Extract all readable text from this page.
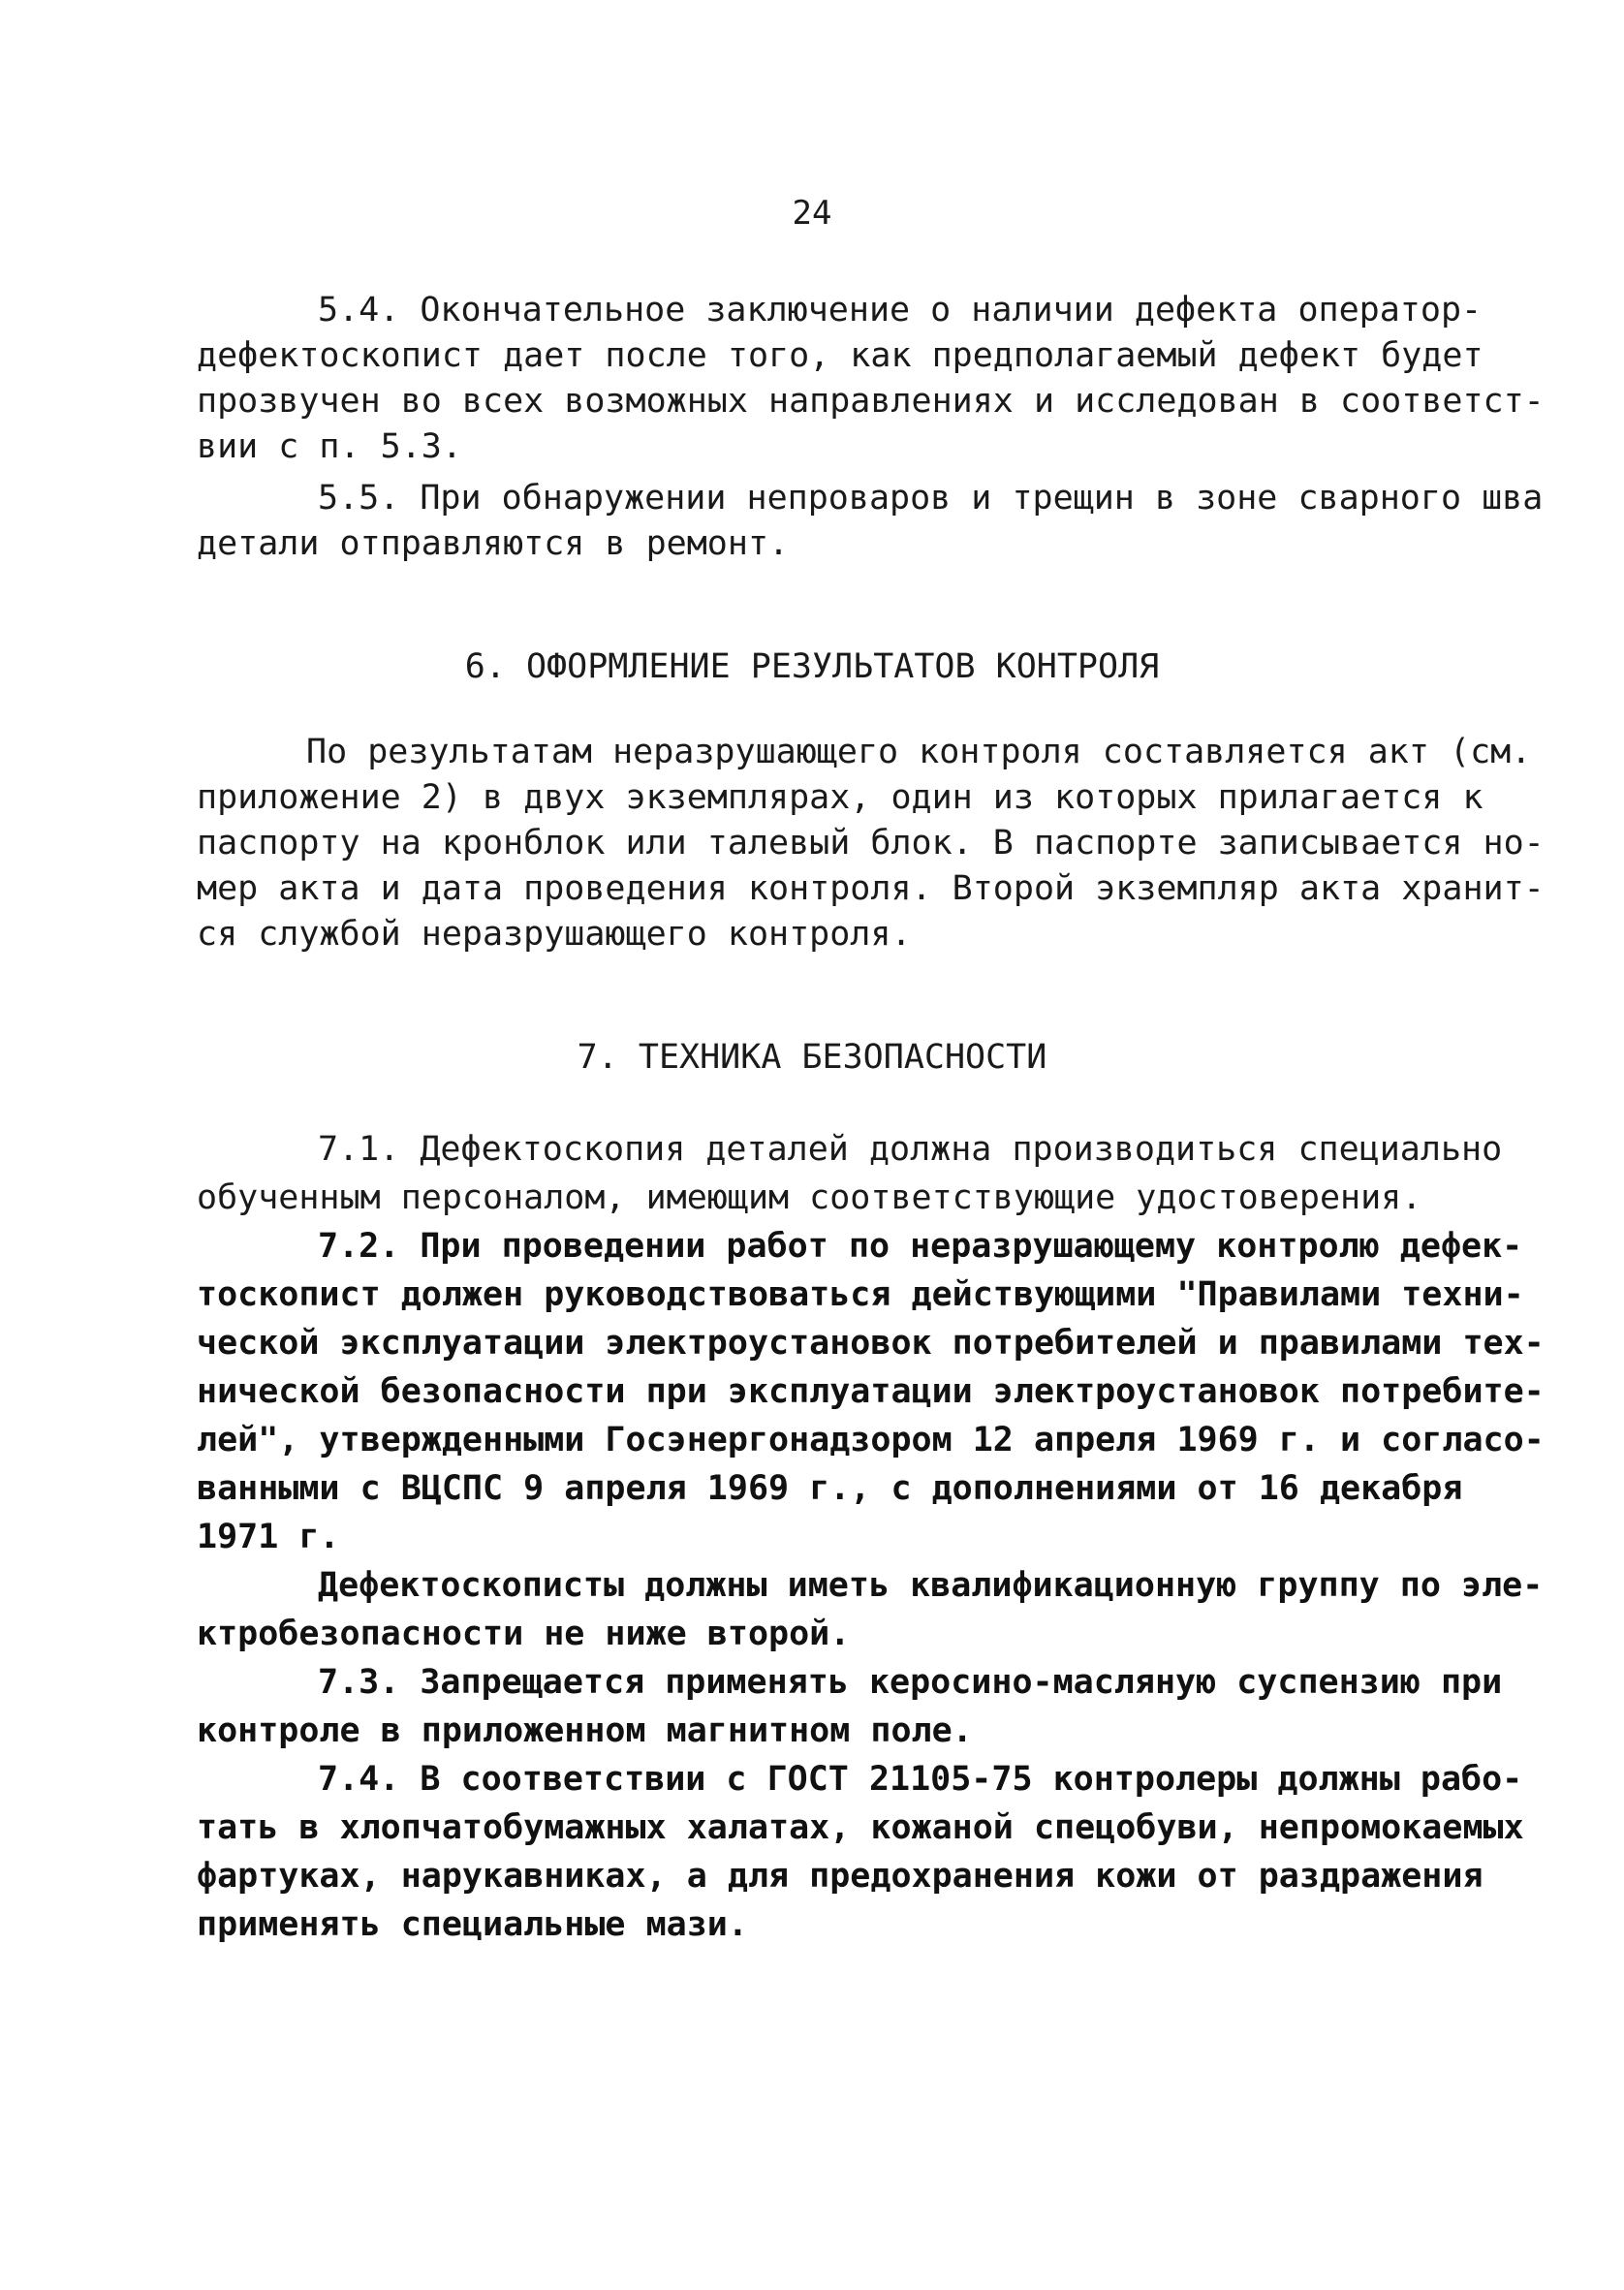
24
5.4. Окончательное заключение о наличии дефекта оператор-
дефектоскопист дает после того, как предполагаемый дефект будет
прозвучен во всех возможных направлениях и исследован в соответст-
вии с п. 5.3.
5.5. При обнаружении непроваров и трещин в зоне сварного шва
детали отправляются в ремонт.
6. ОФОРМЛЕНИЕ РЕЗУЛЬТАТОВ КОНТРОЛЯ
По результатам неразрушающего контроля составляется акт (см.
приложение 2) в двух экземплярах, один из которых прилагается к
паспорту на кронблок или талевый блок. В паспорте записывается но-
мер акта и дата проведения контроля. Второй экземпляр акта хранит-
ся службой неразрушающего контроля.
7. ТЕХНИКА БЕЗОПАСНОСТИ
7.1. Дефектоскопия деталей должна производиться специально
обученным персоналом, имеющим соответствующие удостоверения.
7.2. При проведении работ по неразрушающему контролю дефек-
тоскопист должен руководствоваться действующими "Правилами техни-
ческой эксплуатации электроустановок потребителей и правилами тех-
нической безопасности при эксплуатации электроустановок потребите-
лей", утвержденными Госэнергонадзором 12 апреля 1969 г. и согласо-
ванными с ВЦСПС 9 апреля 1969 г., с дополнениями от 16 декабря
1971 г.
Дефектоскописты должны иметь квалификационную группу по эле-
ктробезопасности не ниже второй.
7.3. Запрещается применять керосино-масляную суспензию при
контроле в приложенном магнитном поле.
7.4. В соответствии с ГОСТ 21105-75 контролеры должны рабо-
тать в хлопчатобумажных халатах, кожаной спецобуви, непромокаемых
фартуках, нарукавниках, а для предохранения кожи от раздражения
применять специальные мази.
